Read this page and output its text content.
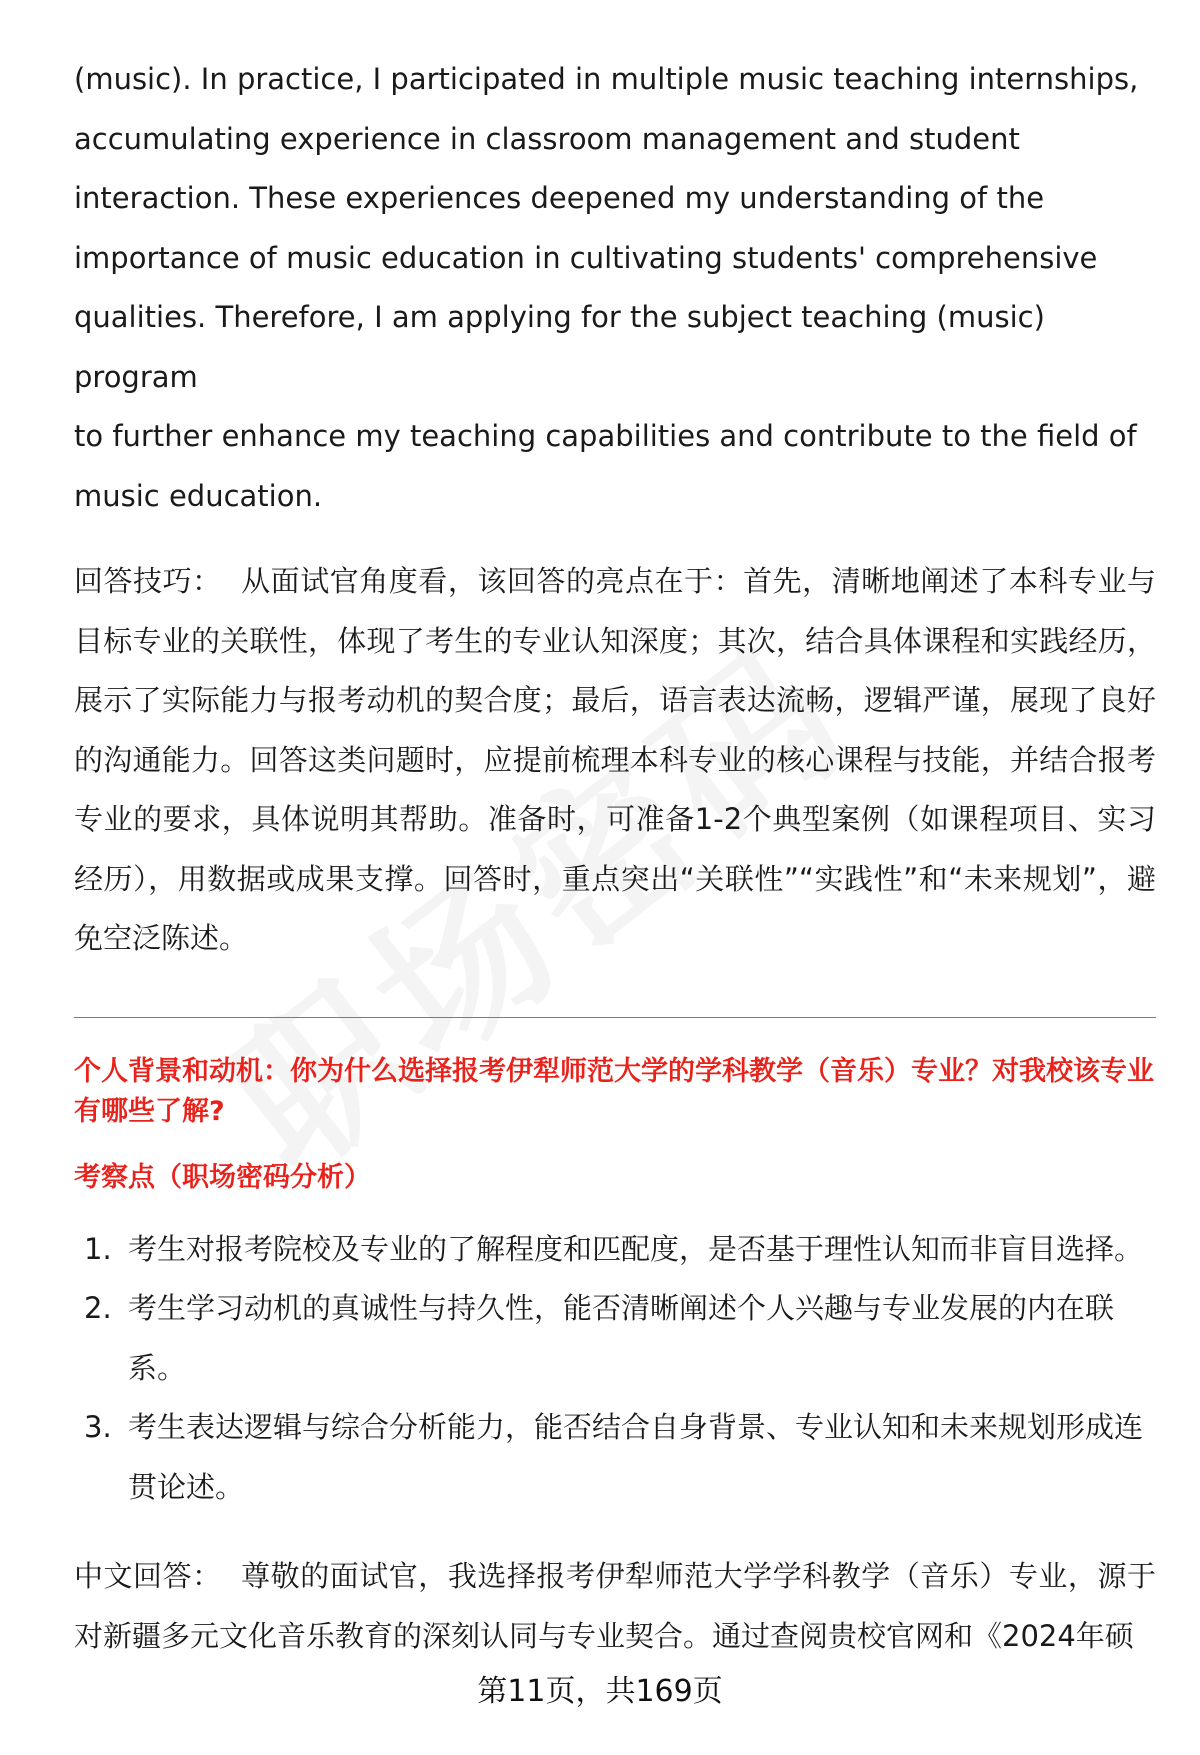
(music). In practice, I participated in multiple music teaching internships,
accumulating experience in classroom management and student
interaction. These experiences deepened my understanding of the
importance of music education in cultivating students' comprehensive
qualities. Therefore, I am applying for the subject teaching (music) program
to further enhance my teaching capabilities and contribute to the field of
music education.

回答技巧： 从面试官角度看，该回答的亮点在于：首先，清晰地阐述了本科专业与目标专业的关联性，体现了考生的专业认知深度；其次，结合具体课程和实践经历，展示了实际能力与报考动机的契合度；最后，语言表达流畅，逻辑严谨，展现了良好的沟通能力。回答这类问题时，应提前梳理本科专业的核心课程与技能，并结合报考专业的要求，具体说明其帮助。准备时，可准备1-2个典型案例（如课程项目、实习经历），用数据或成果支撑。回答时，重点突出“关联性”“实践性”和“未来规划”，避免空泛陈述。

个人背景和动机：你为什么选择报考伊犁师范大学的学科教学（音乐）专业？对我校该专业有哪些了解?
考察点（职场密码分析）
1. 考生对报考院校及专业的了解程度和匹配度，是否基于理性认知而非盲目选择。
2. 考生学习动机的真诚性与持久性，能否清晰阐述个人兴趣与专业发展的内在联系。
3. 考生表达逻辑与综合分析能力，能否结合自身背景、专业认知和未来规划形成连贯论述。

中文回答： 尊敬的面试官，我选择报考伊犁师范大学学科教学（音乐）专业，源于对新疆多元文化音乐教育的深刻认同与专业契合。通过查阅贵校官网和《2024年硕

第11页，共169页
